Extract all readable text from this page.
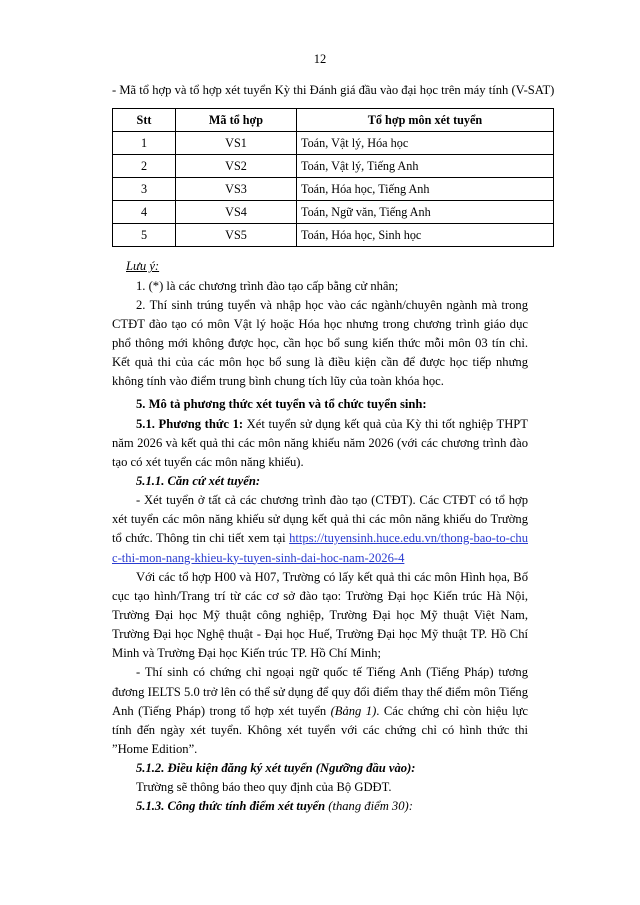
12
- Mã tổ hợp và tổ hợp xét tuyển Kỳ thi Đánh giá đầu vào đại học trên máy tính (V-SAT)
Stt	Mã tổ hợp	Tổ hợp môn xét tuyển
1	VS1	Toán, Vật lý, Hóa học
2	VS2	Toán, Vật lý, Tiếng Anh
3	VS3	Toán, Hóa học, Tiếng Anh
4	VS4	Toán, Ngữ văn, Tiếng Anh
5	VS5	Toán, Hóa học, Sinh học

Lưu ý:

1. (*) là các chương trình đào tạo cấp bằng cử nhân;

2. Thí sinh trúng tuyển và nhập học vào các ngành/chuyên ngành mà trong CTĐT đào tạo có môn Vật lý hoặc Hóa học nhưng trong chương trình giáo dục phổ thông mới không được học, cần học bổ sung kiến thức mỗi môn 03 tín chỉ. Kết quả thi của các môn học bổ sung là điều kiện cần để được học tiếp nhưng không tính vào điểm trung bình chung tích lũy của toàn khóa học.

5. Mô tả phương thức xét tuyển và tổ chức tuyển sinh:

5.1. Phương thức 1: Xét tuyển sử dụng kết quả của Kỳ thi tốt nghiệp THPT năm 2026 và kết quả thi các môn năng khiếu năm 2026 (với các chương trình đào tạo có xét tuyển các môn năng khiếu).

5.1.1. Căn cứ xét tuyển:

- Xét tuyển ở tất cả các chương trình đào tạo (CTĐT). Các CTĐT có tổ hợp xét tuyển các môn năng khiếu sử dụng kết quả thi các môn năng khiếu do Trường tổ chức. Thông tin chi tiết xem tại https://tuyensinh.huce.edu.vn/thong-bao-to-chuc-thi-mon-nang-khieu-ky-tuyen-sinh-dai-hoc-nam-2026-4

Với các tổ hợp H00 và H07, Trường có lấy kết quả thi các môn Hình họa, Bố cục tạo hình/Trang trí từ các cơ sở đào tạo: Trường Đại học Kiến trúc Hà Nội, Trường Đại học Mỹ thuật công nghiệp, Trường Đại học Mỹ thuật Việt Nam, Trường Đại học Nghệ thuật - Đại học Huế, Trường Đại học Mỹ thuật TP. Hồ Chí Minh và Trường Đại học Kiến trúc TP. Hồ Chí Minh;

- Thí sinh có chứng chỉ ngoại ngữ quốc tế Tiếng Anh (Tiếng Pháp) tương đương IELTS 5.0 trở lên có thể sử dụng để quy đổi điểm thay thế điểm môn Tiếng Anh (Tiếng Pháp) trong tổ hợp xét tuyển (Bảng 1). Các chứng chỉ còn hiệu lực tính đến ngày xét tuyển. Không xét tuyển với các chứng chỉ có hình thức thi ”Home Edition”.

5.1.2. Điều kiện đăng ký xét tuyển (Ngưỡng đầu vào):

Trường sẽ thông báo theo quy định của Bộ GDĐT.

5.1.3. Công thức tính điểm xét tuyển (thang điểm 30):
